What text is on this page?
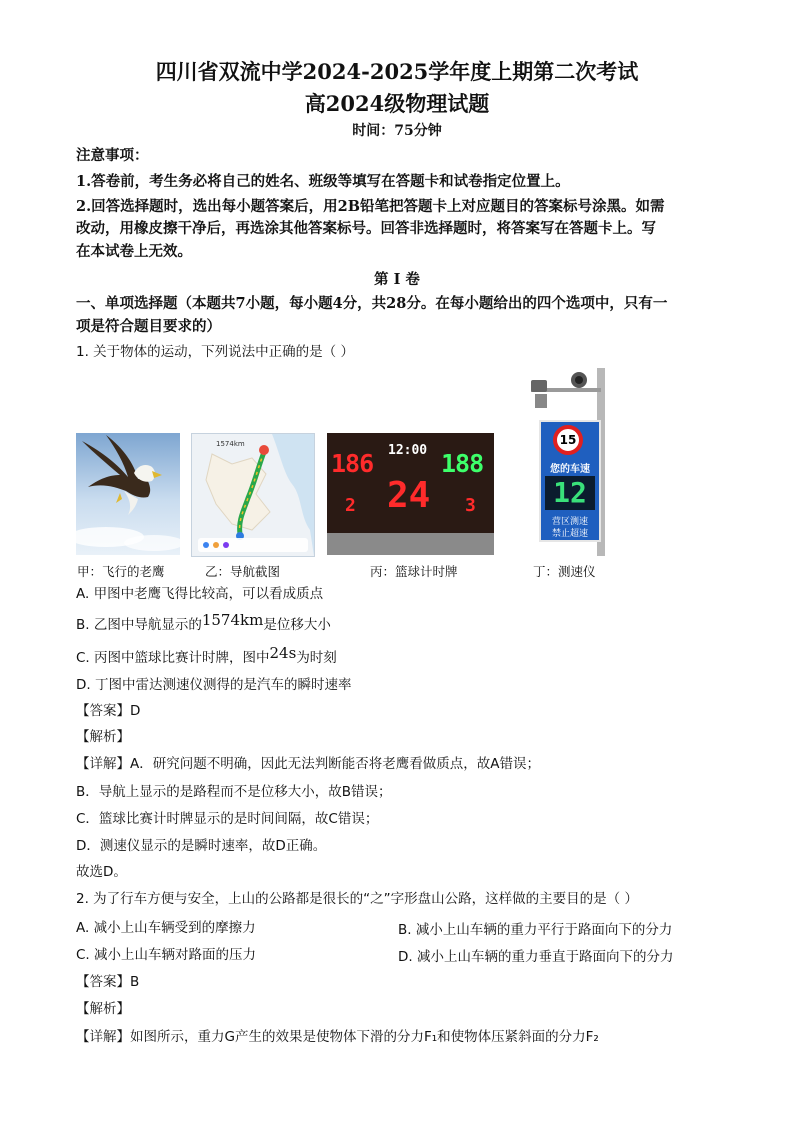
四川省双流中学2024-2025学年度上期第二次考试
高2024级物理试题
时间：75分钟
注意事项：
1.答卷前，考生务必将自己的姓名、班级等填写在答题卡和试卷指定位置上。
2.回答选择题时，选出每小题答案后，用2B铅笔把答题卡上对应题目的答案标号涂黑。如需
改动，用橡皮擦干净后，再选涂其他答案标号。回答非选择题时，将答案写在答题卡上。写
在本试卷上无效。
第 I 卷
一、单项选择题（本题共7小题，每小题4分，共28分。在每小题给出的四个选项中，只有一
项是符合题目要求的）
1. 关于物体的运动，下列说法中正确的是（ ）
1574km
186 12:00 188
24
2	3
15
您的车速
12
营区测速
禁止超速
甲：飞行的老鹰	乙：导航截图	丙：篮球计时牌	丁：测速仪
A. 甲图中老鹰飞得比较高，可以看成质点
B. 乙图中导航显示的1574km是位移大小
C. 丙图中篮球比赛计时牌，图中24s为时刻
D. 丁图中雷达测速仪测得的是汽车的瞬时速率
【答案】D
【解析】
【详解】A．研究问题不明确，因此无法判断能否将老鹰看做质点，故A错误；
B．导航上显示的是路程而不是位移大小，故B错误；
C．篮球比赛计时牌显示的是时间间隔，故C错误；
D．测速仪显示的是瞬时速率，故D正确。
故选D。
2. 为了行车方便与安全，上山的公路都是很长的“之”字形盘山公路，这样做的主要目的是（ ）
A. 减小上山车辆受到的摩擦力	B. 减小上山车辆的重力平行于路面向下的分力
C. 减小上山车辆对路面的压力	D. 减小上山车辆的重力垂直于路面向下的分力
【答案】B
【解析】
【详解】如图所示，重力G产生的效果是使物体下滑的分力F₁和使物体压紧斜面的分力F₂
